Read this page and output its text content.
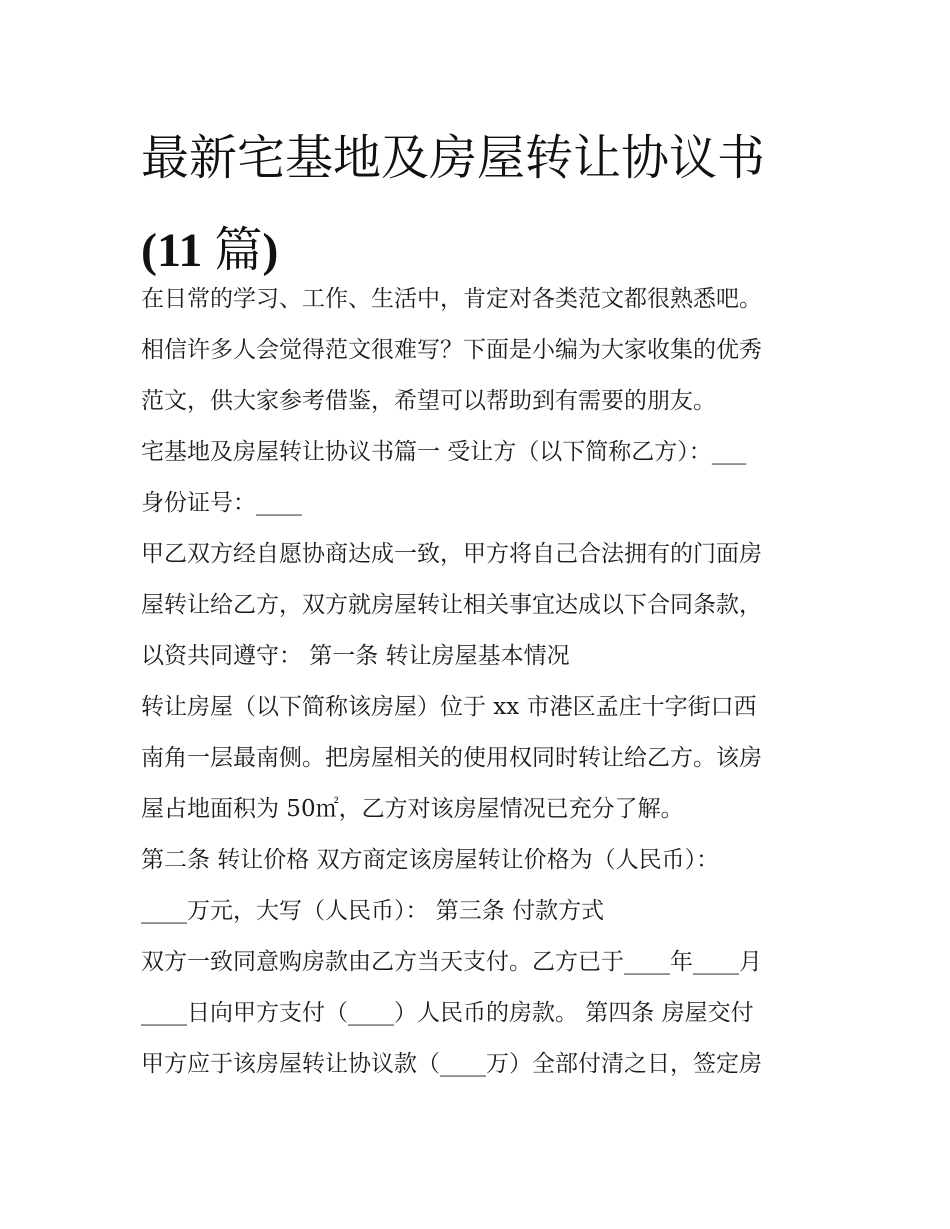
最新宅基地及房屋转让协议书
(11 篇)
在日常的学习、工作、生活中，肯定对各类范文都很熟悉吧。
相信许多人会觉得范文很难写？下面是小编为大家收集的优秀
范文，供大家参考借鉴，希望可以帮助到有需要的朋友。
宅基地及房屋转让协议书篇一 受让方（以下简称乙方）：___
身份证号：____
甲乙双方经自愿协商达成一致，甲方将自己合法拥有的门面房
屋转让给乙方，双方就房屋转让相关事宜达成以下合同条款，
以资共同遵守： 第一条 转让房屋基本情况
转让房屋（以下简称该房屋）位于 xx 市港区孟庄十字街口西
南角一层最南侧。把房屋相关的使用权同时转让给乙方。该房
屋占地面积为 50㎡，乙方对该房屋情况已充分了解。
第二条 转让价格 双方商定该房屋转让价格为（人民币）：
____万元，大写（人民币）： 第三条 付款方式
双方一致同意购房款由乙方当天支付。乙方已于____年____月
____日向甲方支付（____）人民币的房款。 第四条 房屋交付
甲方应于该房屋转让协议款（____万）全部付清之日，签定房
